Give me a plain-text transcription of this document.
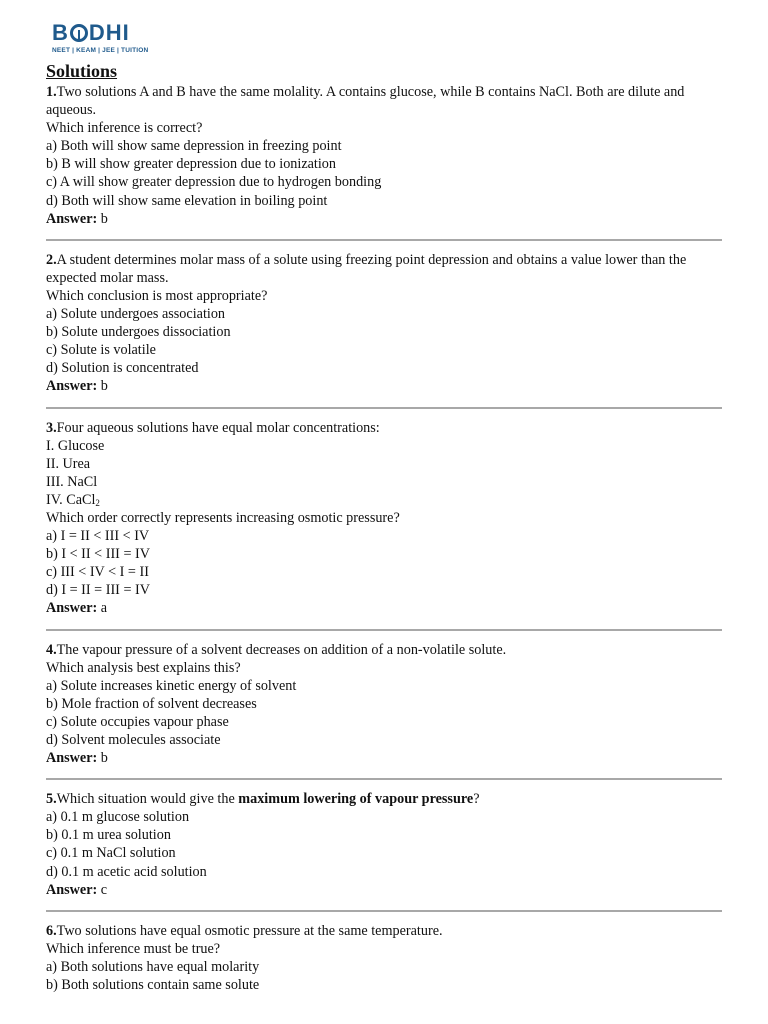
B DHI
NEET | KEAM | JEE | TUITION
Solutions
1.Two solutions A and B have the same molality. A contains glucose, while B contains NaCl. Both are dilute and aqueous.
Which inference is correct?
a) Both will show same depression in freezing point
b) B will show greater depression due to ionization
c) A will show greater depression due to hydrogen bonding
d) Both will show same elevation in boiling point
Answer: b
2.A student determines molar mass of a solute using freezing point depression and obtains a value lower than the expected molar mass.
Which conclusion is most appropriate?
a) Solute undergoes association
b) Solute undergoes dissociation
c) Solute is volatile
d) Solution is concentrated
Answer: b
3.Four aqueous solutions have equal molar concentrations:
I. Glucose
II. Urea
III. NaCl
IV. CaCl$_2$
Which order correctly represents increasing osmotic pressure?
a) I = II < III < IV
b) I < II < III = IV
c) III < IV < I = II
d) I = II = III = IV
Answer: a
4.The vapour pressure of a solvent decreases on addition of a non-volatile solute.
Which analysis best explains this?
a) Solute increases kinetic energy of solvent
b) Mole fraction of solvent decreases
c) Solute occupies vapour phase
d) Solvent molecules associate
Answer: b
5.Which situation would give the maximum lowering of vapour pressure?
a) 0.1 m glucose solution
b) 0.1 m urea solution
c) 0.1 m NaCl solution
d) 0.1 m acetic acid solution
Answer: c
6.Two solutions have equal osmotic pressure at the same temperature.
Which inference must be true?
a) Both solutions have equal molarity
b) Both solutions contain same solute
